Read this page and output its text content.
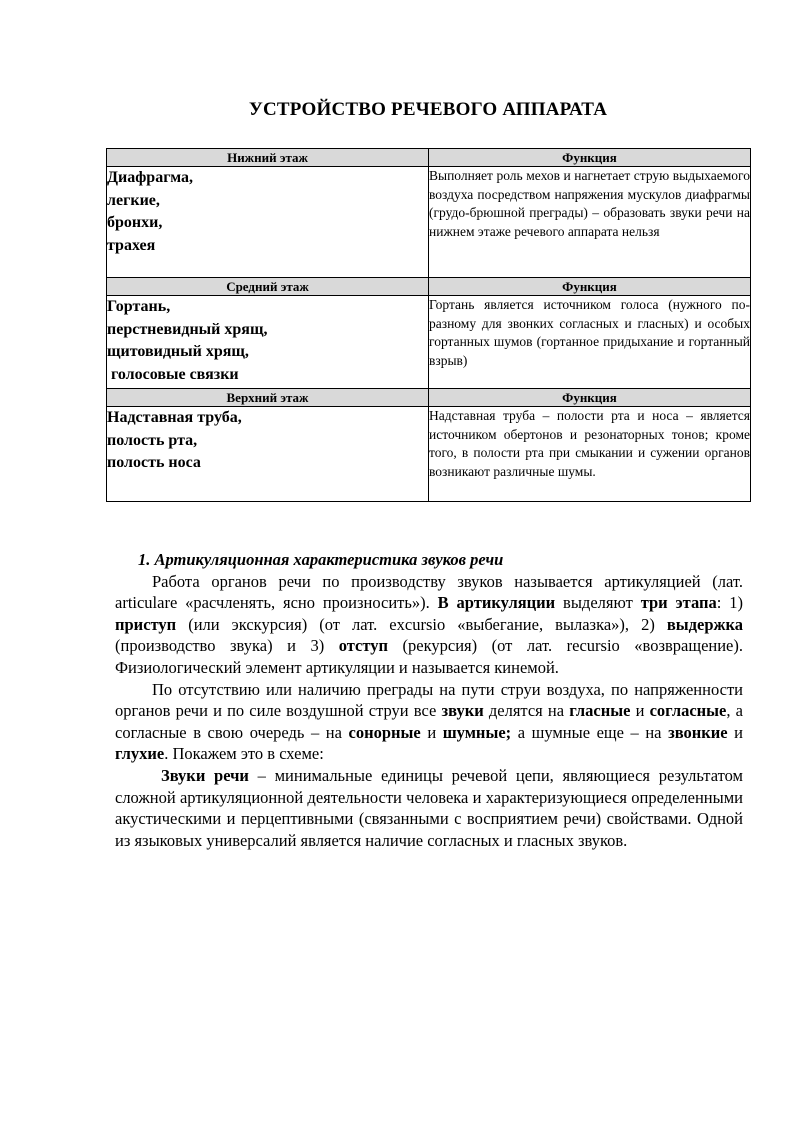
УСТРОЙСТВО РЕЧЕВОГО АППАРАТА
Нижний этаж	Функция

Диафрагма,
легкие,
бронхи,
трахея	Выполняет роль мехов и нагнетает струю выдыхаемого воздуха посредством напряжения мускулов диафрагмы (грудо-брюшной преграды) – образовать звуки речи на нижнем этаже речевого аппарата нельзя
Средний этаж	Функция

Гортань,
перстневидный хрящ,
щитовидный хрящ,
голосовые связки	Гортань является источником голоса (нужного по-разному для звонких согласных и гласных) и особых гортанных шумов (гортанное придыхание и гортанный взрыв)
Верхний этаж	Функция

Надставная труба,
полость рта,
полость носа	Надставная труба – полости рта и носа – является источником обертонов и резонаторных тонов; кроме того, в полости рта при смыкании и сужении органов возникают различные шумы.

1. Артикуляционная характеристика звуков речи

Работа органов речи по производству звуков называется артикуляцией (лат. articulare «расчленять, ясно произносить»). В артикуляции выделяют три этапа: 1) приступ (или экскурсия) (от лат. excursio «выбегание, вылазка»), 2) выдержка (производство звука) и 3) отступ (рекурсия) (от лат. recursio «возвращение). Физиологический элемент артикуляции и называется кинемой.

По отсутствию или наличию преграды на пути струи воздуха, по напряженности органов речи и по силе воздушной струи все звуки делятся на гласные и согласные, а согласные в свою очередь – на сонорные и шумные; а шумные еще – на звонкие и глухие. Покажем это в схеме:

Звуки речи – минимальные единицы речевой цепи, являющиеся результатом сложной артикуляционной деятельности человека и характеризующиеся определенными акустическими и перцептивными (связанными с восприятием речи) свойствами. Одной из языковых универсалий является наличие согласных и гласных звуков.
